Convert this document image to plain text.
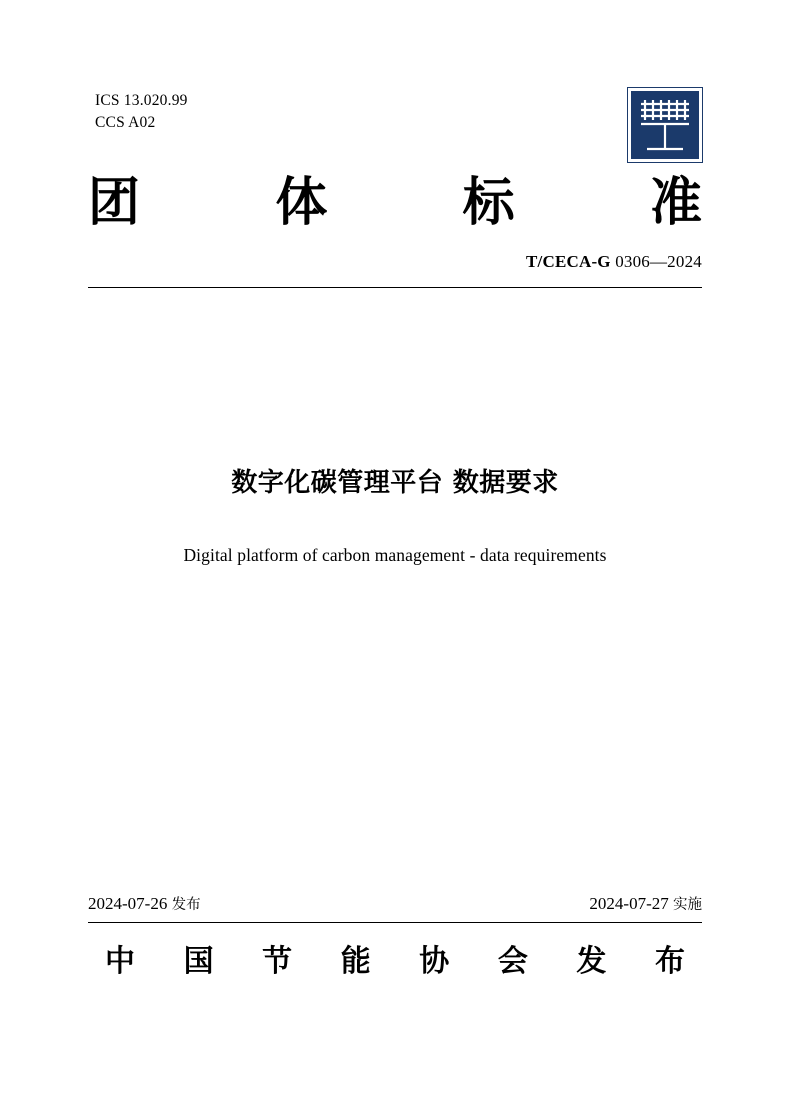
ICS 13.020.99
CCS A02
团	体	标	准
T/CECA-G 0306—2024
数字化碳管理平台 数据要求
Digital platform of carbon management - data requirements
2024-07-26 发布	2024-07-27 实施
中 国 节 能 协 会 发 布
